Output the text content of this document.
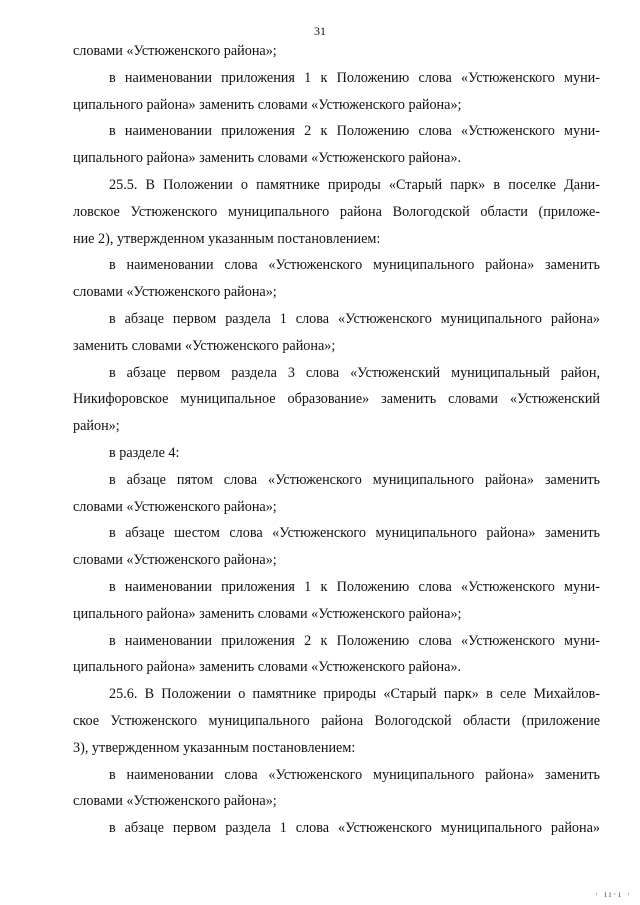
31
словами «Устюженского района»;
в наименовании приложения 1 к Положению слова «Устюженского муни-
ципального района» заменить словами «Устюженского района»;
в наименовании приложения 2 к Положению слова «Устюженского муни-
ципального района» заменить словами «Устюженского района».
25.5. В Положении о памятнике природы «Старый парк» в поселке Дани-
ловское Устюженского муниципального района Вологодской области (приложе-
ние 2), утвержденном указанным постановлением:
в наименовании слова «Устюженского муниципального района» заменить
словами «Устюженского района»;
в абзаце первом раздела 1 слова «Устюженского муниципального района»
заменить словами «Устюженского района»;
в абзаце первом раздела 3 слова «Устюженский муниципальный район,
Никифоровское муниципальное образование» заменить словами «Устюженский
район»;
в разделе 4:
в абзаце пятом слова «Устюженского муниципального района» заменить
словами «Устюженского района»;
в абзаце шестом слова «Устюженского муниципального района» заменить
словами «Устюженского района»;
в наименовании приложения 1 к Положению слова «Устюженского муни-
ципального района» заменить словами «Устюженского района»;
в наименовании приложения 2 к Положению слова «Устюженского муни-
ципального района» заменить словами «Устюженского района».
25.6. В Положении о памятнике природы «Старый парк» в селе Михайлов-
ское Устюженского муниципального района Вологодской области (приложение
3), утвержденном указанным постановлением:
в наименовании слова «Устюженского муниципального района» заменить
словами «Устюженского района»;
в абзаце первом раздела 1 слова «Устюженского муниципального района»
· ıı·ı ·
